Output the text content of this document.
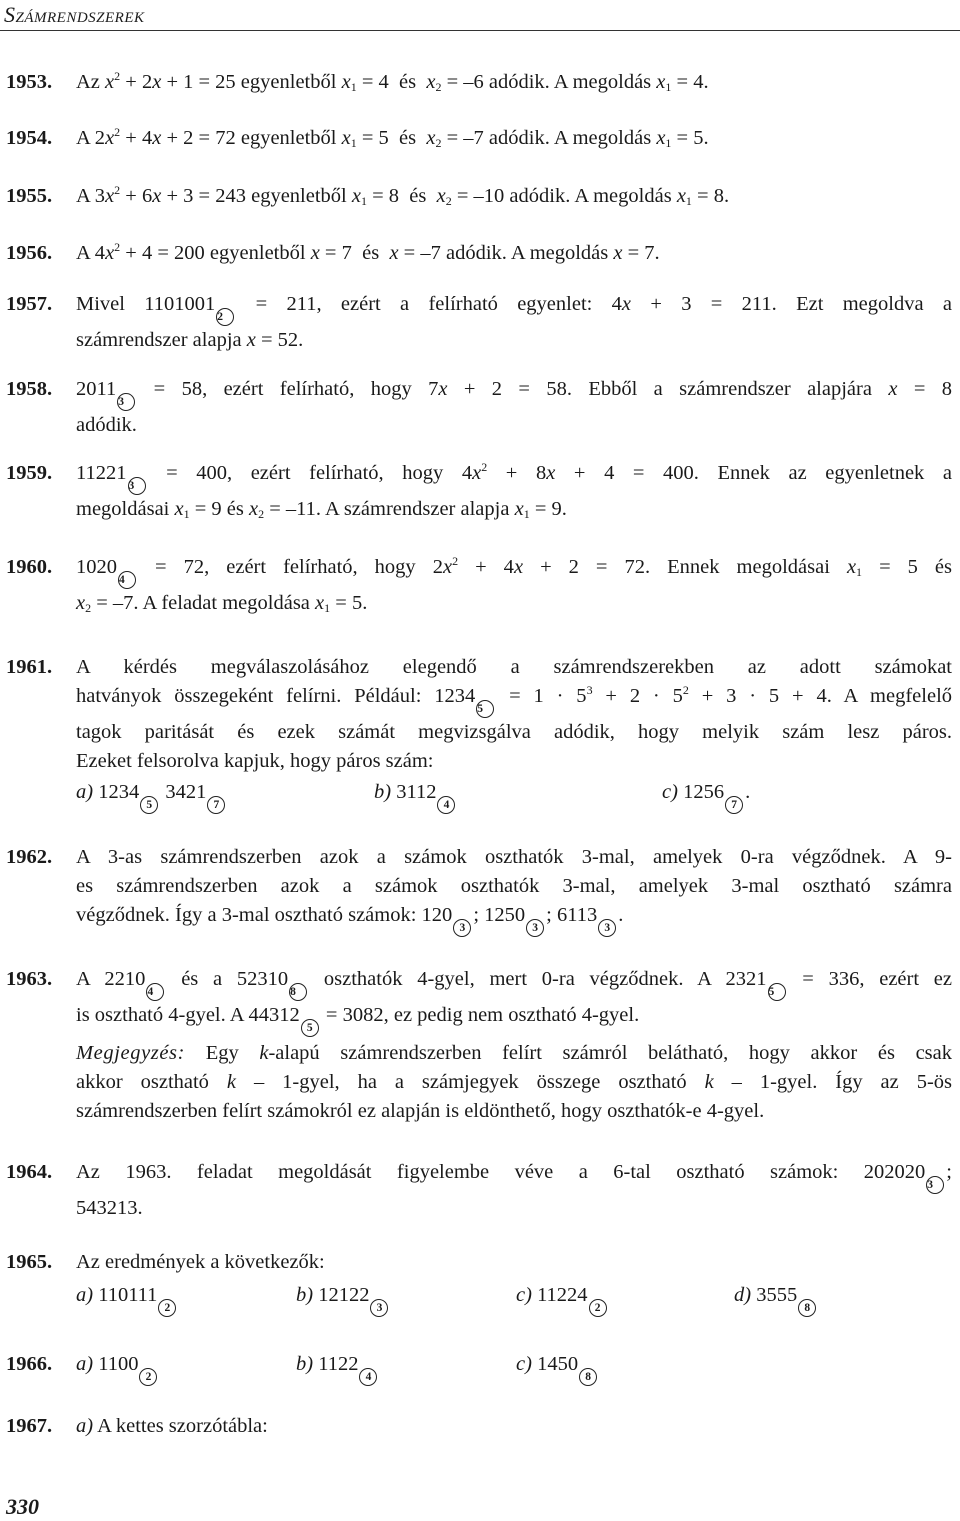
Számrendszerek
1953. Az $x^2 + 2x + 1 = 25$ egyenletből $x_1 = 4$  és  $x_2 = -6$ adódik. A megoldás $x_1 = 4$.
1954. A $2x^2 + 4x + 2 = 72$ egyenletből $x_1 = 5$  és  $x_2 = -7$ adódik. A megoldás $x_1 = 5$.
1955. A $3x^2 + 6x + 3 = 243$ egyenletből $x_1 = 8$  és  $x_2 = -10$ adódik. A megoldás $x_1 = 8$.
1956. A $4x^2 + 4 = 200$ egyenletből x = 7  és  x = –7 adódik. A megoldás x = 7.
1957. Mivel 11010012 = 211, ezért a felírható egyenlet: 4x + 3 = 211. Ezt megoldva a
számrendszer alapja x = 52.
1958. 20113 = 58, ezért felírható, hogy 7x + 2 = 58. Ebből a számrendszer alapjára x = 8
adódik.
1959. 112213 = 400, ezért felírható, hogy $4x^2 + 8x + 4 = 400$. Ennek az egyenletnek a
megoldásai $x_1 = 9$ és $x_2 = -11$. A számrendszer alapja $x_1 = 9$.
1960. 10204 = 72, ezért felírható, hogy $2x^2 + 4x + 2 = 72$. Ennek megoldásai $x_1 = 5$ és
$x_2 = -7$. A feladat megoldása $x_1 = 5$.
1961. A kérdés megválaszolásához elegendő a számrendszerekben az adott számokat
hatványok összegeként felírni. Például: $12345 = 1 \cdot 5^3 + 2 \cdot 5^2 + 3 \cdot 5 + 4$. A megfelelő
tagok paritását és ezek számát megvizsgálva adódik, hogy melyik szám lesz páros.
Ezeket felsorolva kapjuk, hogy páros szám:
a) 12345 34217
b) 31124
c) 12567.
1962. A 3-as számrendszerben azok a számok oszthatók 3-mal, amelyek 0-ra végződnek. A 9-
es számrendszerben azok a számok oszthatók 3-mal, amelyek 3-mal osztható számra
végződnek. Így a 3-mal osztható számok: 1203; 12503; 61133.
1963. A 22104 és a 523108 oszthatók 4-gyel, mert 0-ra végződnek. A 23215 = 336, ezért ez
is osztható 4-gyel. A 443125 = 3082, ez pedig nem osztható 4-gyel.
Megjegyzés: Egy k-alapú számrendszerben felírt számról belátható, hogy akkor és csak
akkor osztható k – 1-gyel, ha a számjegyek összege osztható k – 1-gyel. Így az 5-ös
számrendszerben felírt számokról ez alapján is eldönthető, hogy oszthatók-e 4-gyel.
1964. Az 1963. feladat megoldását figyelembe véve a 6-tal osztható számok: 2020203;
543213.
1965. Az eredmények a következők:
a) 1101112
b) 121223
c) 112242
d) 35558
1966. a) 11002
b) 11224
c) 14508
1967. a) A kettes szorzótábla:
330
